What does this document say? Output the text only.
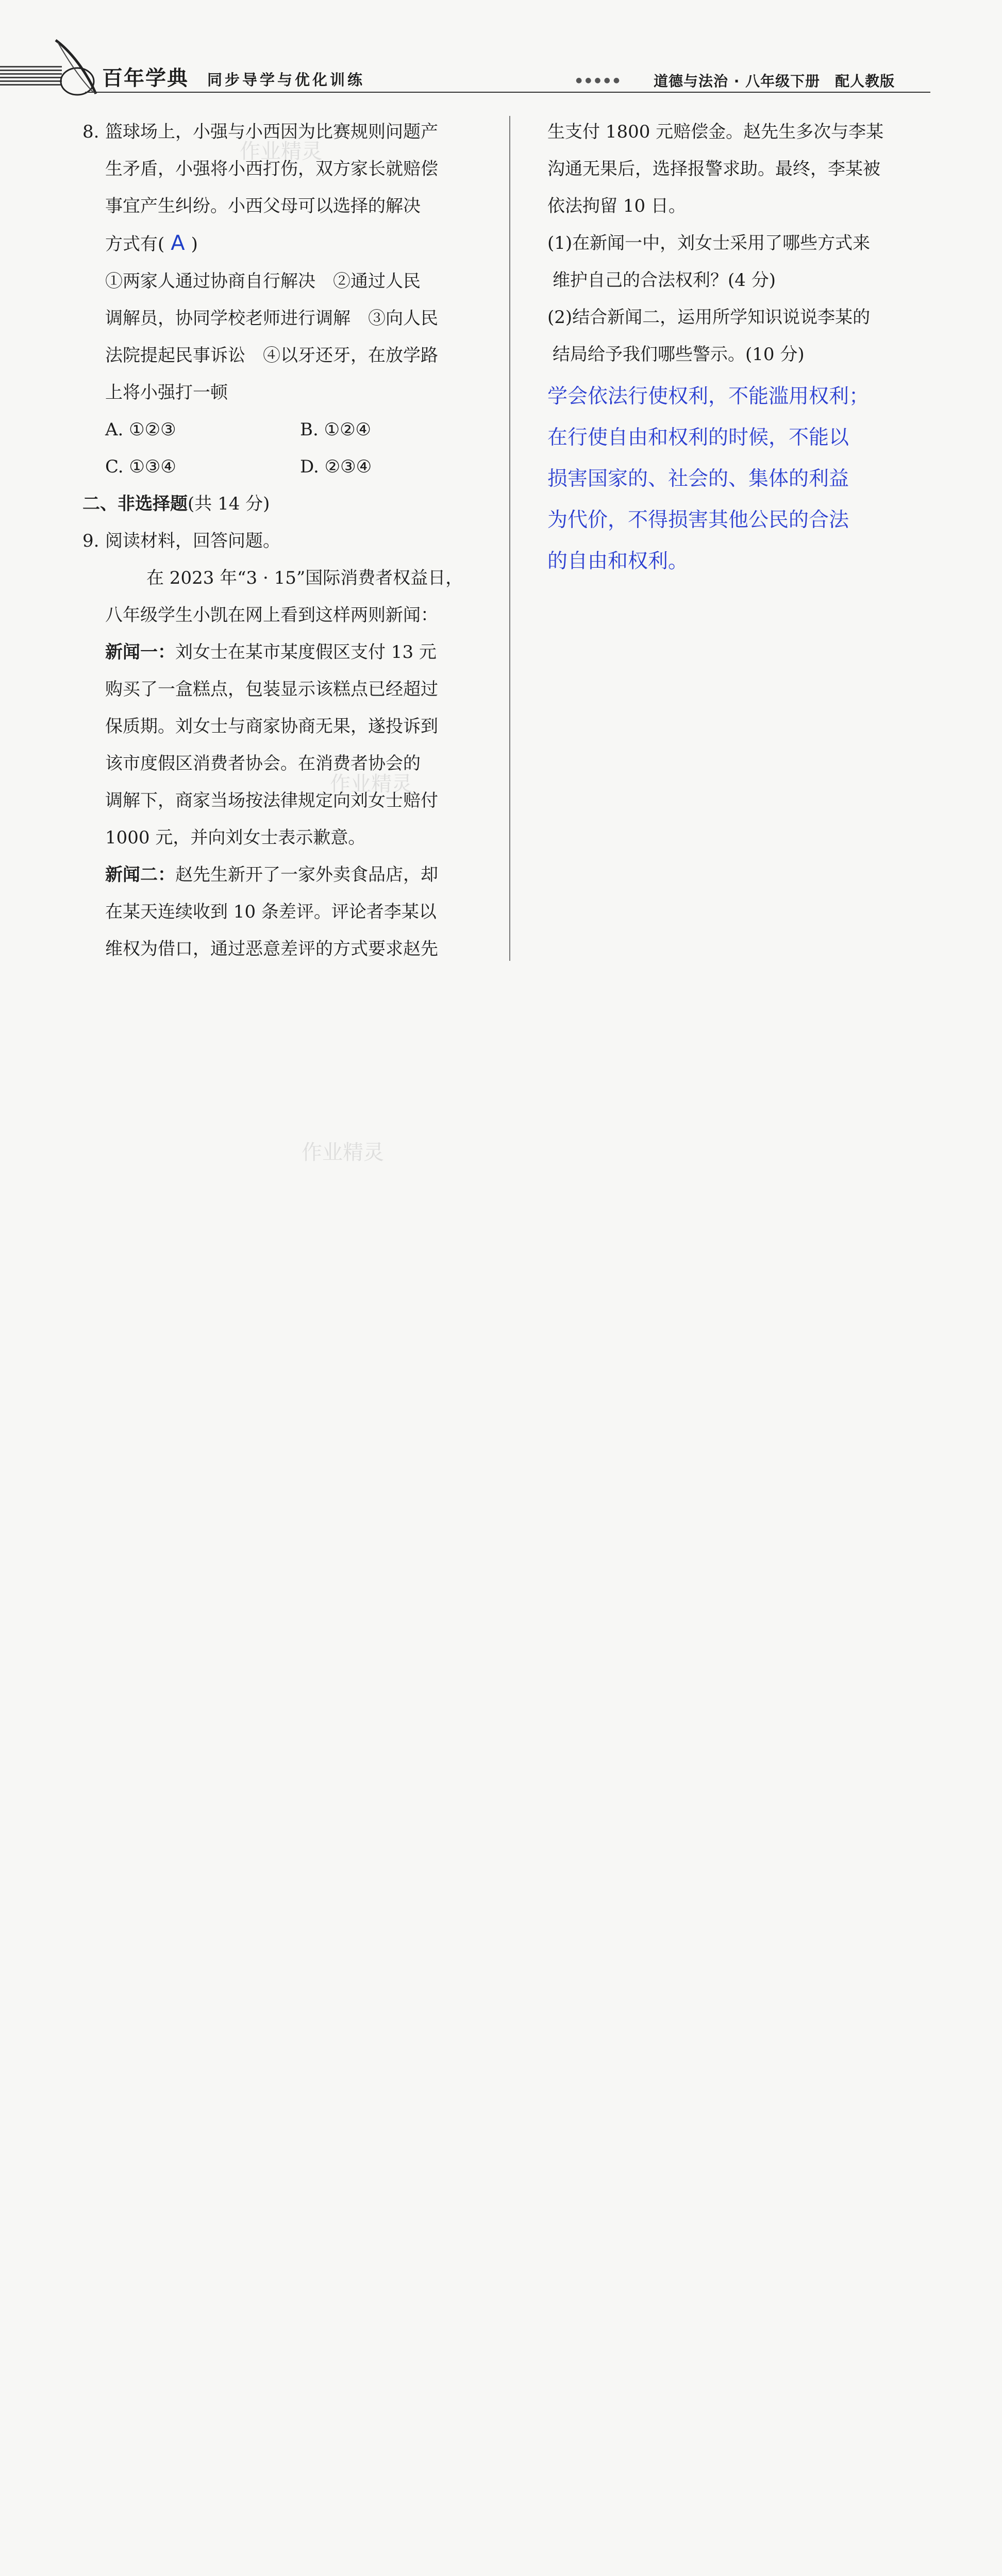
百年学典 同步导学与优化训练	●●●●● 道德与法治 · 八年级下册　配人教版
作业精灵
作业精灵
作业精灵
8. 篮球场上，小强与小西因为比赛规则问题产
生矛盾，小强将小西打伤，双方家长就赔偿
事宜产生纠纷。小西父母可以选择的解决
方式有( A )
①两家人通过协商自行解决　②通过人民
调解员，协同学校老师进行调解　③向人民
法院提起民事诉讼　④以牙还牙，在放学路
上将小强打一顿
A. ①②③	B. ①②④
C. ①③④	D. ②③④
二、非选择题(共 14 分)
9. 阅读材料，回答问题。
在 2023 年“3 · 15”国际消费者权益日，
八年级学生小凯在网上看到这样两则新闻：
新闻一：刘女士在某市某度假区支付 13 元
购买了一盒糕点，包装显示该糕点已经超过
保质期。刘女士与商家协商无果，遂投诉到
该市度假区消费者协会。在消费者协会的
调解下，商家当场按法律规定向刘女士赔付
1000 元，并向刘女士表示歉意。
新闻二：赵先生新开了一家外卖食品店，却
在某天连续收到 10 条差评。评论者李某以
维权为借口，通过恶意差评的方式要求赵先
生支付 1800 元赔偿金。赵先生多次与李某
沟通无果后，选择报警求助。最终，李某被
依法拘留 10 日。
(1)在新闻一中，刘女士采用了哪些方式来
维护自己的合法权利？(4 分)
(2)结合新闻二，运用所学知识说说李某的
结局给予我们哪些警示。(10 分)
学会依法行使权利，不能滥用权利；
在行使自由和权利的时候，不能以
损害国家的、社会的、集体的利益
为代价，不得损害其他公民的合法
的自由和权利。
